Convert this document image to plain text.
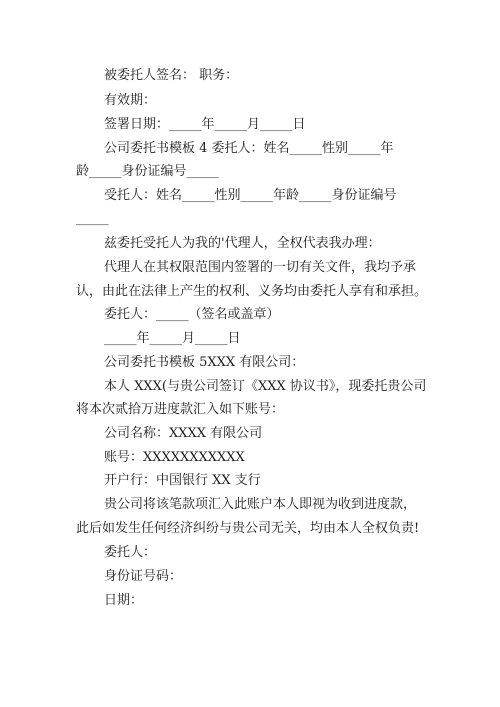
被委托人签名： 职务：
有效期：
签署日期：_____年_____月_____日
公司委托书模板 4 委托人：姓名_____性别_____年
龄_____身份证编号_____
受托人：姓名_____性别_____年龄_____身份证编号
_____
兹委托受托人为我的'代理人，全权代表我办理：
代理人在其权限范围内签署的一切有关文件，我均予承
认，由此在法律上产生的权利、义务均由委托人享有和承担。
委托人：_____（签名或盖章）
_____年_____月_____日
公司委托书模板 5XXX 有限公司：
本人 XXX(与贵公司签订《XXX 协议书》，现委托贵公司
将本次贰拾万进度款汇入如下账号：
公司名称：XXXX 有限公司
账号：XXXXXXXXXXX
开户行：中国银行 XX 支行
贵公司将该笔款项汇入此账户本人即视为收到进度款，
此后如发生任何经济纠纷与贵公司无关，均由本人全权负责!
委托人：
身份证号码：
日期：
